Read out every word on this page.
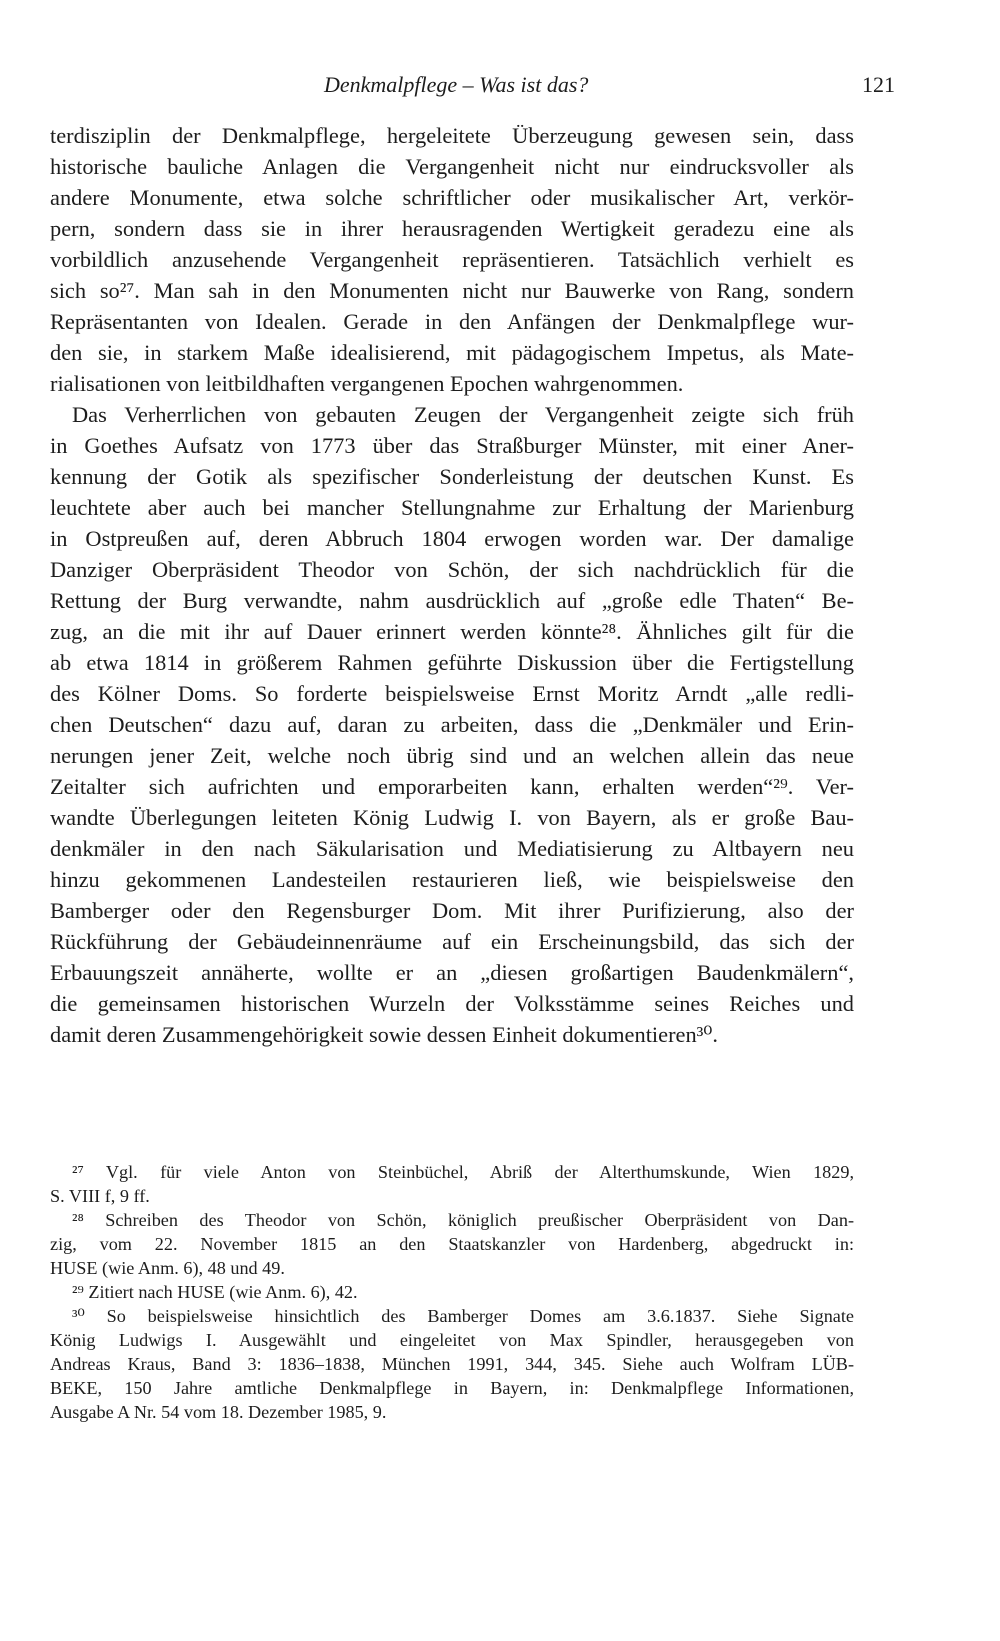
Denkmalpflege – Was ist das?	121
terdisziplin der Denkmalpflege, hergeleitete Überzeugung gewesen sein, dass
historische bauliche Anlagen die Vergangenheit nicht nur eindrucksvoller als
andere Monumente, etwa solche schriftlicher oder musikalischer Art, verkör-
pern, sondern dass sie in ihrer herausragenden Wertigkeit geradezu eine als
vorbildlich anzusehende Vergangenheit repräsentieren. Tatsächlich verhielt es
sich so²⁷. Man sah in den Monumenten nicht nur Bauwerke von Rang, sondern
Repräsentanten von Idealen. Gerade in den Anfängen der Denkmalpflege wur-
den sie, in starkem Maße idealisierend, mit pädagogischem Impetus, als Mate-
rialisationen von leitbildhaften vergangenen Epochen wahrgenommen.
Das Verherrlichen von gebauten Zeugen der Vergangenheit zeigte sich früh
in Goethes Aufsatz von 1773 über das Straßburger Münster, mit einer Aner-
kennung der Gotik als spezifischer Sonderleistung der deutschen Kunst. Es
leuchtete aber auch bei mancher Stellungnahme zur Erhaltung der Marienburg
in Ostpreußen auf, deren Abbruch 1804 erwogen worden war. Der damalige
Danziger Oberpräsident Theodor von Schön, der sich nachdrücklich für die
Rettung der Burg verwandte, nahm ausdrücklich auf „große edle Thaten“ Be-
zug, an die mit ihr auf Dauer erinnert werden könnte²⁸. Ähnliches gilt für die
ab etwa 1814 in größerem Rahmen geführte Diskussion über die Fertigstellung
des Kölner Doms. So forderte beispielsweise Ernst Moritz Arndt „alle redli-
chen Deutschen“ dazu auf, daran zu arbeiten, dass die „Denkmäler und Erin-
nerungen jener Zeit, welche noch übrig sind und an welchen allein das neue
Zeitalter sich aufrichten und emporarbeiten kann, erhalten werden“²⁹. Ver-
wandte Überlegungen leiteten König Ludwig I. von Bayern, als er große Bau-
denkmäler in den nach Säkularisation und Mediatisierung zu Altbayern neu
hinzu gekommenen Landesteilen restaurieren ließ, wie beispielsweise den
Bamberger oder den Regensburger Dom. Mit ihrer Purifizierung, also der
Rückführung der Gebäudeinnenräume auf ein Erscheinungsbild, das sich der
Erbauungszeit annäherte, wollte er an „diesen großartigen Baudenkmälern“,
die gemeinsamen historischen Wurzeln der Volksstämme seines Reiches und
damit deren Zusammengehörigkeit sowie dessen Einheit dokumentieren³⁰.
²⁷ Vgl. für viele Anton von Steinbüchel, Abriß der Alterthumskunde, Wien 1829,
S. VIII f, 9 ff.
²⁸ Schreiben des Theodor von Schön, königlich preußischer Oberpräsident von Dan-
zig, vom 22. November 1815 an den Staatskanzler von Hardenberg, abgedruckt in:
HUSE (wie Anm. 6), 48 und 49.
²⁹ Zitiert nach HUSE (wie Anm. 6), 42.
³⁰ So beispielsweise hinsichtlich des Bamberger Domes am 3.6.1837. Siehe Signate
König Ludwigs I. Ausgewählt und eingeleitet von Max Spindler, herausgegeben von
Andreas Kraus, Band 3: 1836–1838, München 1991, 344, 345. Siehe auch Wolfram LÜB-
BEKE, 150 Jahre amtliche Denkmalpflege in Bayern, in: Denkmalpflege Informationen,
Ausgabe A Nr. 54 vom 18. Dezember 1985, 9.
